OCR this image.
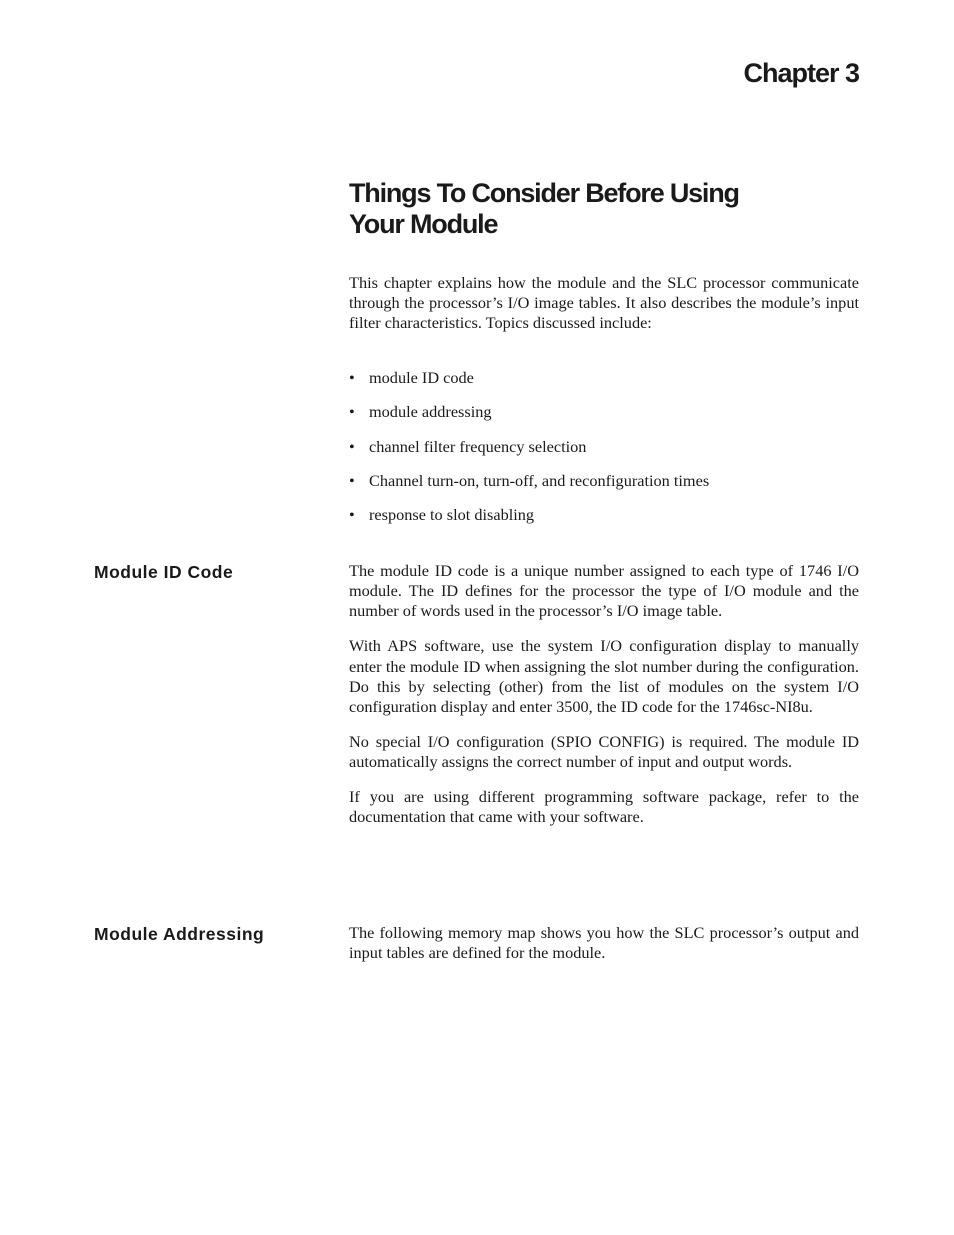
Chapter 3
Things To Consider Before Using
Your Module

This chapter explains how the module and the SLC processor communicate through the processor’s I/O image tables. It also describes the module’s input filter characteristics. Topics discussed include:

• module ID code
• module addressing
• channel filter frequency selection
• Channel turn-on, turn-off, and reconfiguration times
• response to slot disabling
Module ID Code	The module ID code is a unique number assigned to each type of 1746 I/O module. The ID defines for the processor the type of I/O module and the number of words used in the processor’s I/O image table.

With APS software, use the system I/O configuration display to manually enter the module ID when assigning the slot number during the configuration. Do this by selecting (other) from the list of modules on the system I/O configuration display and enter 3500, the ID code for the 1746sc-NI8u.

No special I/O configuration (SPIO CONFIG) is required. The module ID automatically assigns the correct number of input and output words.

If you are using different programming software package, refer to the documentation that came with your software.

Module Addressing	The following memory map shows you how the SLC processor’s output and input tables are defined for the module.
